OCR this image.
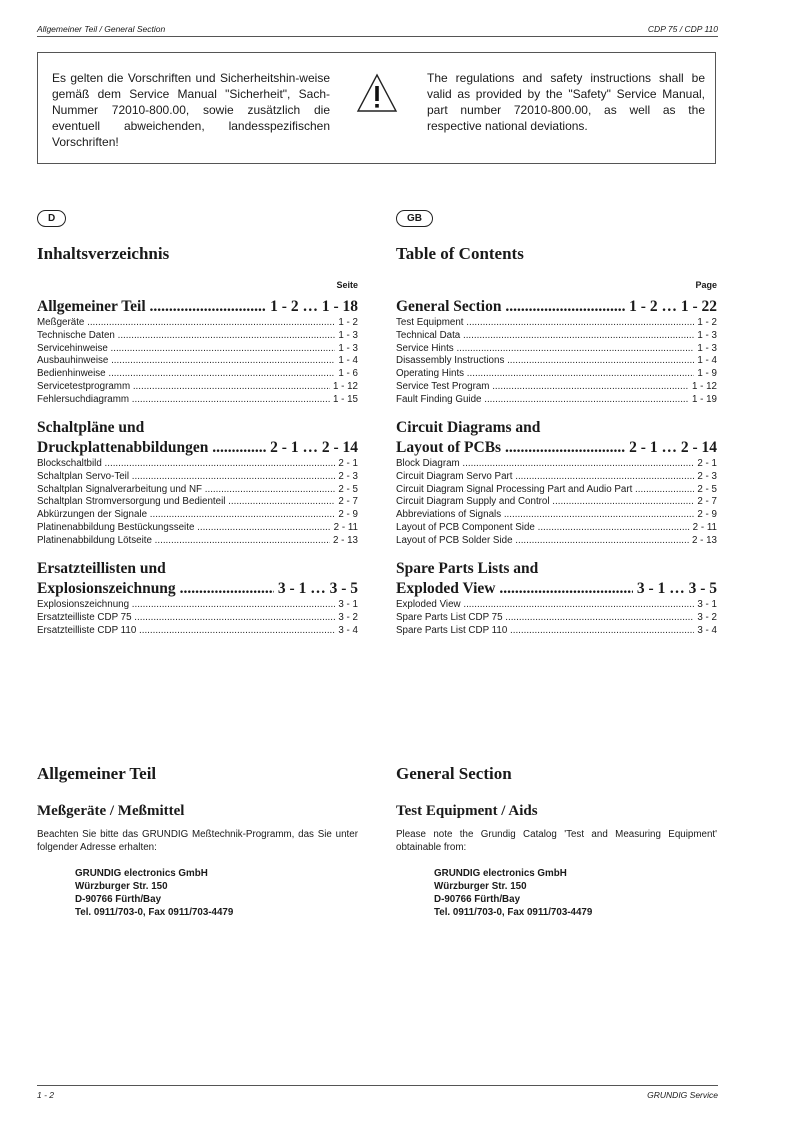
Allgemeiner Teil / General Section	CDP 75 / CDP 110
Es gelten die Vorschriften und Sicherheitshin-weise gemäß dem Service Manual "Sicherheit", Sach-Nummer 72010-800.00, sowie zusätzlich die eventuell abweichenden, landesspezifischen Vorschriften!
The regulations and safety instructions shall be valid as provided by the "Safety" Service Manual, part number 72010-800.00, as well as the respective national deviations.
D
Inhaltsverzeichnis
Seite
Allgemeiner Teil .....	1 - 2 … 1 - 18
Meßgeräte .....	1 - 2
Technische Daten .....	1 - 3
Servicehinweise .....	1 - 3
Ausbauhinweise .....	1 - 4
Bedienhinweise .....	1 - 6
Servicetestprogramm .....	1 - 12
Fehlersuchdiagramm .....	1 - 15
Schaltpläne und
Druckplattenabbildungen .....	2 - 1 … 2 - 14
Blockschaltbild .....	2 - 1
Schaltplan Servo-Teil .....	2 - 3
Schaltplan Signalverarbeitung und NF .....	2 - 5
Schaltplan Stromversorgung und Bedienteil .....	2 - 7
Abkürzungen der Signale .....	2 - 9
Platinenabbildung Bestückungsseite .....	2 - 11
Platinenabbildung Lötseite .....	2 - 13
Ersatzteillisten und
Explosionszeichnung .....	3 - 1 … 3 - 5
Explosionszeichnung .....	3 - 1
Ersatzteilliste CDP 75 .....	3 - 2
Ersatzteilliste CDP 110 .....	3 - 4
GB
Table of Contents
Page
General Section .....	1 - 2 … 1 - 22
Test Equipment .....	1 - 2
Technical Data .....	1 - 3
Service Hints .....	1 - 3
Disassembly Instructions .....	1 - 4
Operating Hints .....	1 - 9
Service Test Program .....	1 - 12
Fault Finding Guide .....	1 - 19
Circuit Diagrams and
Layout of PCBs .....	2 - 1 … 2 - 14
Block Diagram .....	2 - 1
Circuit Diagram Servo Part .....	2 - 3
Circuit Diagram Signal Processing Part and Audio Part .....	2 - 5
Circuit Diagram Supply and Control .....	2 - 7
Abbreviations of Signals .....	2 - 9
Layout of PCB Component Side .....	2 - 11
Layout of PCB Solder Side .....	2 - 13
Spare Parts Lists and
Exploded View .....	3 - 1 … 3 - 5
Exploded View .....	3 - 1
Spare Parts List CDP 75 .....	3 - 2
Spare Parts List CDP 110 .....	3 - 4
Allgemeiner Teil
Meßgeräte / Meßmittel
Beachten Sie bitte das GRUNDIG Meßtechnik-Programm, das Sie unter folgender Adresse erhalten:
GRUNDIG electronics GmbH
Würzburger Str. 150
D-90766 Fürth/Bay
Tel. 0911/703-0, Fax 0911/703-4479
General Section
Test Equipment / Aids
Please note the Grundig Catalog 'Test and Measuring Equipment' obtainable from:
GRUNDIG electronics GmbH
Würzburger Str. 150
D-90766 Fürth/Bay
Tel. 0911/703-0, Fax 0911/703-4479
1 - 2	GRUNDIG Service
